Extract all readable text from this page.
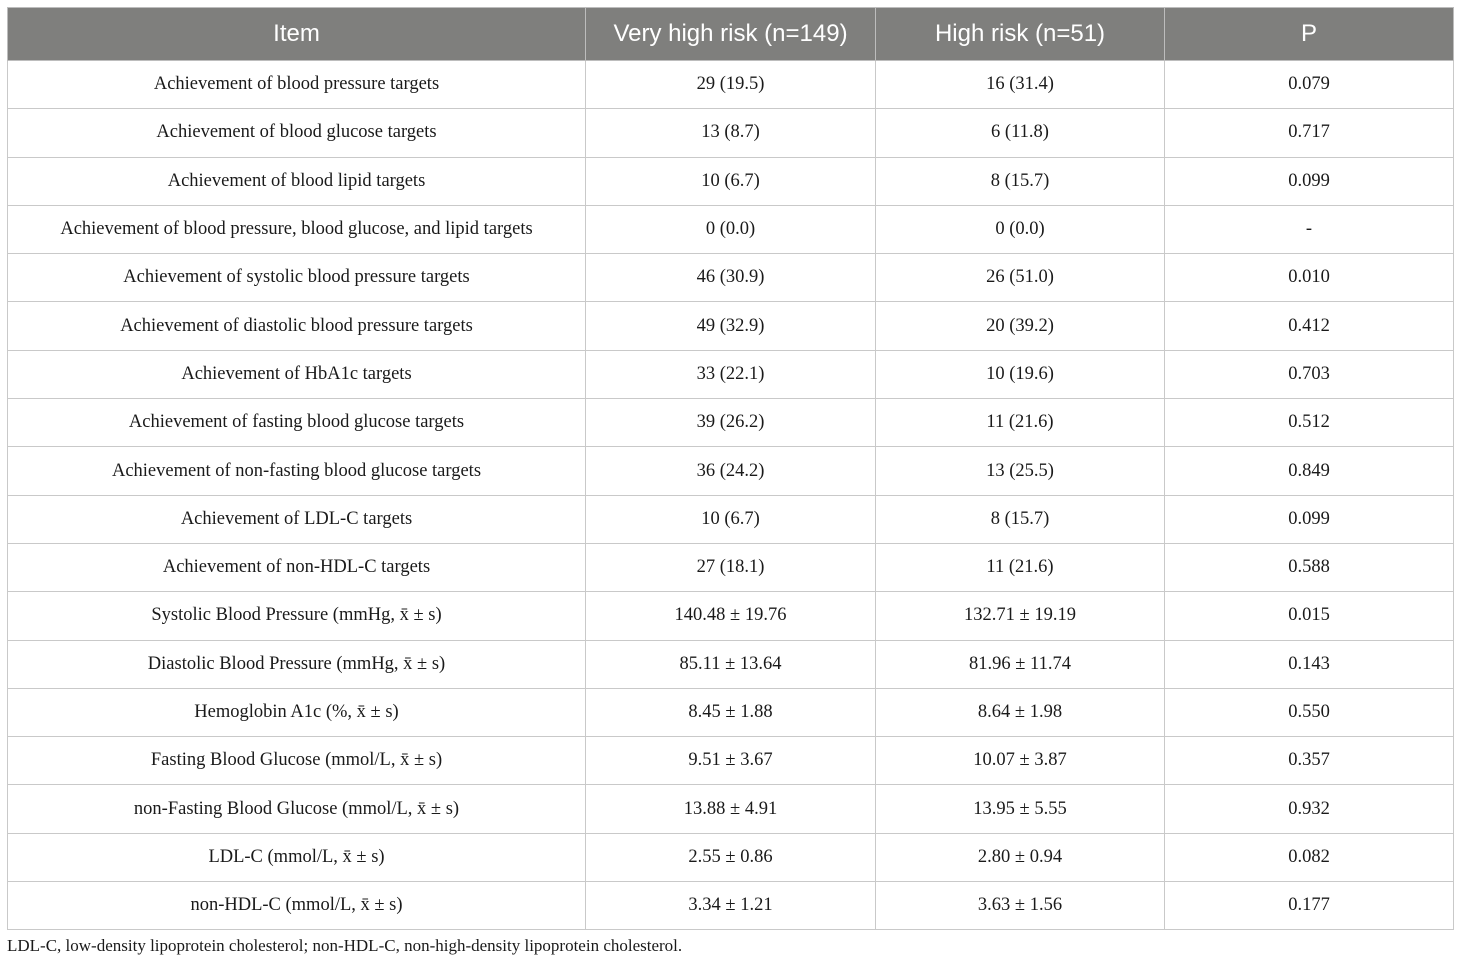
Item	Very high risk (n=149)	High risk (n=51)	P
Achievement of blood pressure targets	29 (19.5)	16 (31.4)	0.079
Achievement of blood glucose targets	13 (8.7)	6 (11.8)	0.717
Achievement of blood lipid targets	10 (6.7)	8 (15.7)	0.099
Achievement of blood pressure, blood glucose, and lipid targets	0 (0.0)	0 (0.0)	-
Achievement of systolic blood pressure targets	46 (30.9)	26 (51.0)	0.010
Achievement of diastolic blood pressure targets	49 (32.9)	20 (39.2)	0.412
Achievement of HbA1c targets	33 (22.1)	10 (19.6)	0.703
Achievement of fasting blood glucose targets	39 (26.2)	11 (21.6)	0.512
Achievement of non-fasting blood glucose targets	36 (24.2)	13 (25.5)	0.849
Achievement of LDL-C targets	10 (6.7)	8 (15.7)	0.099
Achievement of non-HDL-C targets	27 (18.1)	11 (21.6)	0.588
Systolic Blood Pressure (mmHg, x̄ ± s)	140.48 ± 19.76	132.71 ± 19.19	0.015
Diastolic Blood Pressure (mmHg, x̄ ± s)	85.11 ± 13.64	81.96 ± 11.74	0.143
Hemoglobin A1c (%, x̄ ± s)	8.45 ± 1.88	8.64 ± 1.98	0.550
Fasting Blood Glucose (mmol/L, x̄ ± s)	9.51 ± 3.67	10.07 ± 3.87	0.357
non-Fasting Blood Glucose (mmol/L, x̄ ± s)	13.88 ± 4.91	13.95 ± 5.55	0.932
LDL-C (mmol/L, x̄ ± s)	2.55 ± 0.86	2.80 ± 0.94	0.082
non-HDL-C (mmol/L, x̄ ± s)	3.34 ± 1.21	3.63 ± 1.56	0.177
LDL-C, low-density lipoprotein cholesterol; non-HDL-C, non-high-density lipoprotein cholesterol.
